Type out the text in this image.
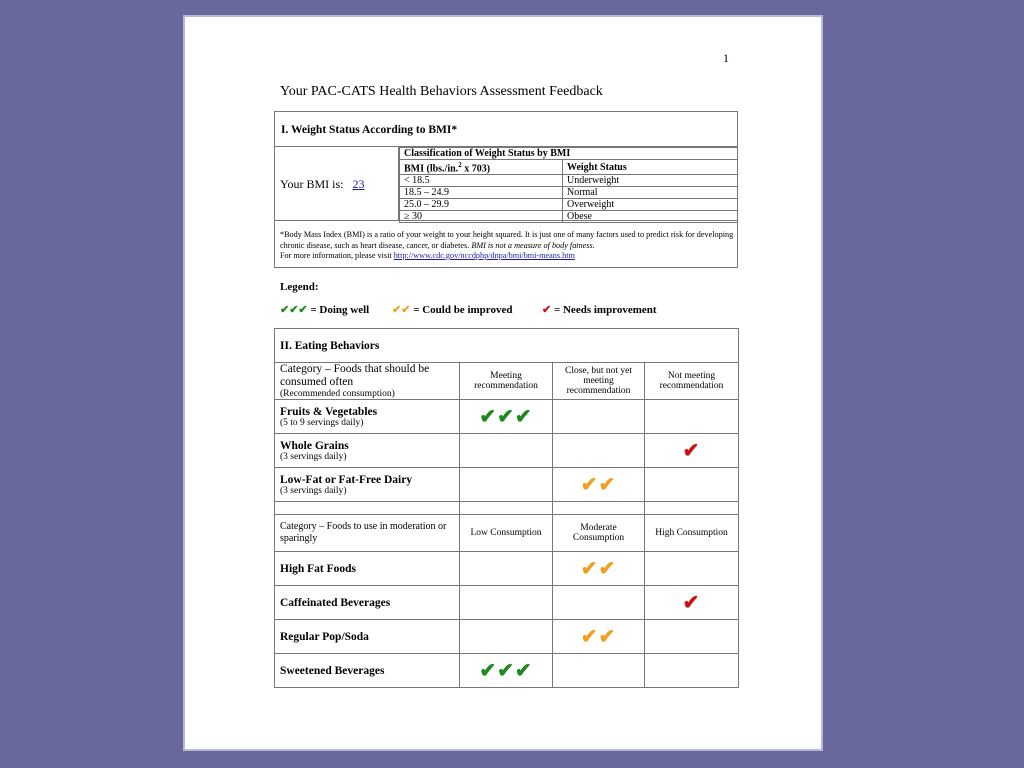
1
Your PAC-CATS Health Behaviors Assessment Feedback
I. Weight Status According to BMI*
Your BMI is: 23
Classification of Weight Status by BMI	
BMI (lbs./in.$^2$ x 703)	Weight Status
< 18.5	Underweight
18.5 – 24.9	Normal
25.0 – 29.9	Overweight
≥ 30	Obese
*Body Mass Index (BMI) is a ratio of your weight to your height squared. It is just one of many factors used to predict risk for developing chronic disease, such as heart disease, cancer, or diabetes. BMI is not a measure of body fatness.
For more information, please visit http://www.cdc.gov/nccdphp/dnpa/bmi/bmi-means.htm
Legend:
✔✔✔ = Doing well ✔✔ = Could be improved	✔ = Needs improvement
II. Eating Behaviors			

Category – Foods that should be consumed often
(Recommended consumption)	Meeting recommendation	Close, but not yet meeting recommendation	Not meeting recommendation

Fruits & Vegetables
(5 to 9 servings daily)	✔✔✔		

Whole Grains
(3 servings daily)			✔

Low-Fat or Fat-Free Dairy
(3 servings daily)		✔✔	

Category – Foods to use in moderation or sparingly	Low Consumption	Moderate Consumption	High Consumption

High Fat Foods		✔✔	

Caffeinated Beverages			✔

Regular Pop/Soda		✔✔	

Sweetened Beverages	✔✔✔		
